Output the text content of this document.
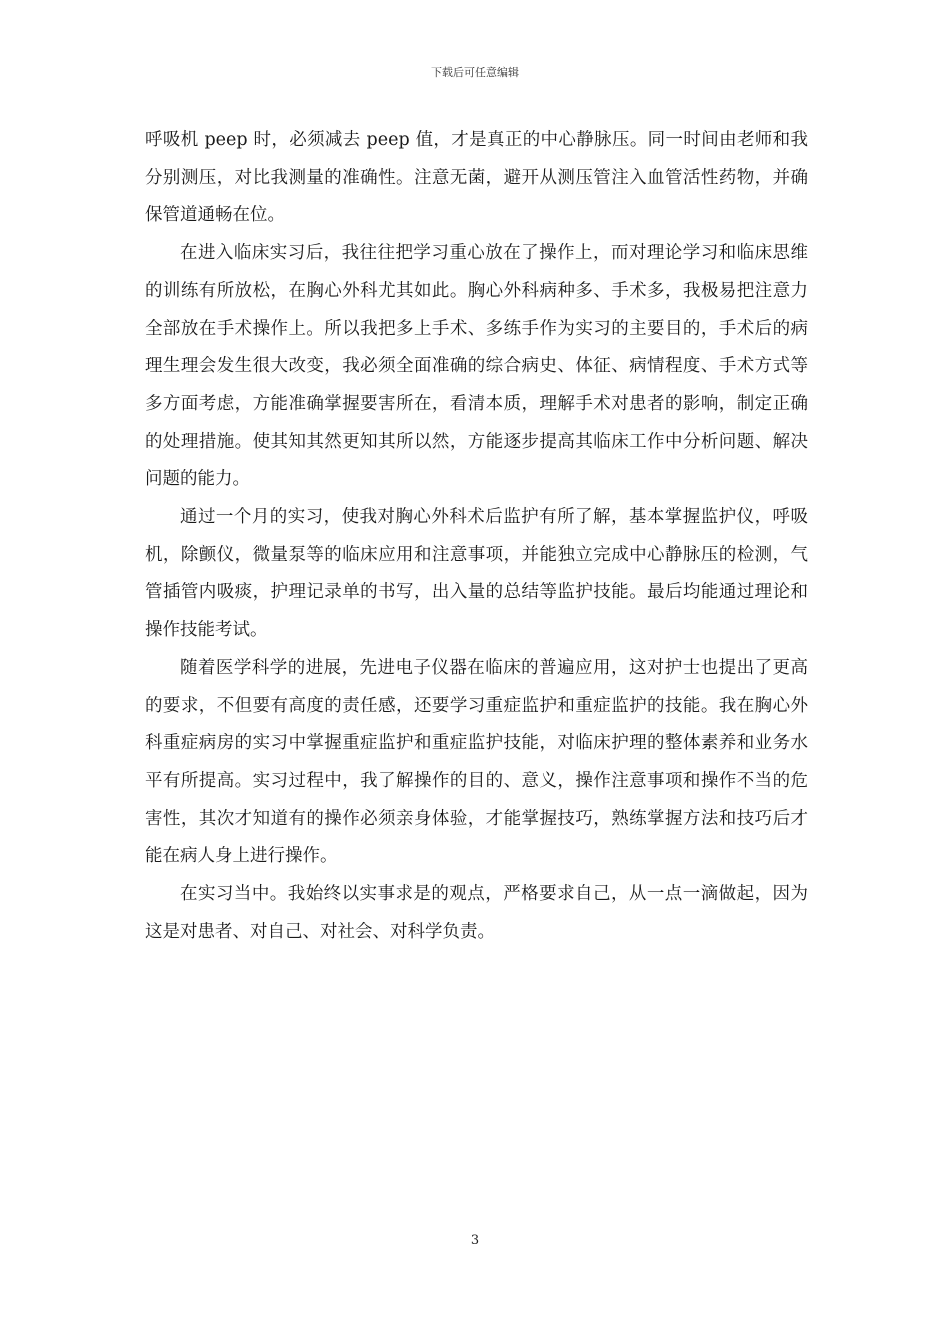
下载后可任意编辑

呼吸机 peep 时，必须减去 peep 值，才是真正的中心静脉压。同一时间由老师和我分别测压，对比我测量的准确性。注意无菌，避开从测压管注入血管活性药物，并确保管道通畅在位。

在进入临床实习后，我往往把学习重心放在了操作上，而对理论学习和临床思维的训练有所放松，在胸心外科尤其如此。胸心外科病种多、手术多，我极易把注意力全部放在手术操作上。所以我把多上手术、多练手作为实习的主要目的，手术后的病理生理会发生很大改变，我必须全面准确的综合病史、体征、病情程度、手术方式等多方面考虑，方能准确掌握要害所在，看清本质，理解手术对患者的影响，制定正确的处理措施。使其知其然更知其所以然，方能逐步提高其临床工作中分析问题、解决问题的能力。

通过一个月的实习，使我对胸心外科术后监护有所了解，基本掌握监护仪，呼吸机，除颤仪，微量泵等的临床应用和注意事项，并能独立完成中心静脉压的检测，气管插管内吸痰，护理记录单的书写，出入量的总结等监护技能。最后均能通过理论和操作技能考试。

随着医学科学的进展，先进电子仪器在临床的普遍应用，这对护士也提出了更高的要求，不但要有高度的责任感，还要学习重症监护和重症监护的技能。我在胸心外科重症病房的实习中掌握重症监护和重症监护技能，对临床护理的整体素养和业务水平有所提高。实习过程中，我了解操作的目的、意义，操作注意事项和操作不当的危害性，其次才知道有的操作必须亲身体验，才能掌握技巧，熟练掌握方法和技巧后才能在病人身上进行操作。

在实习当中。我始终以实事求是的观点，严格要求自己，从一点一滴做起，因为这是对患者、对自己、对社会、对科学负责。

3
